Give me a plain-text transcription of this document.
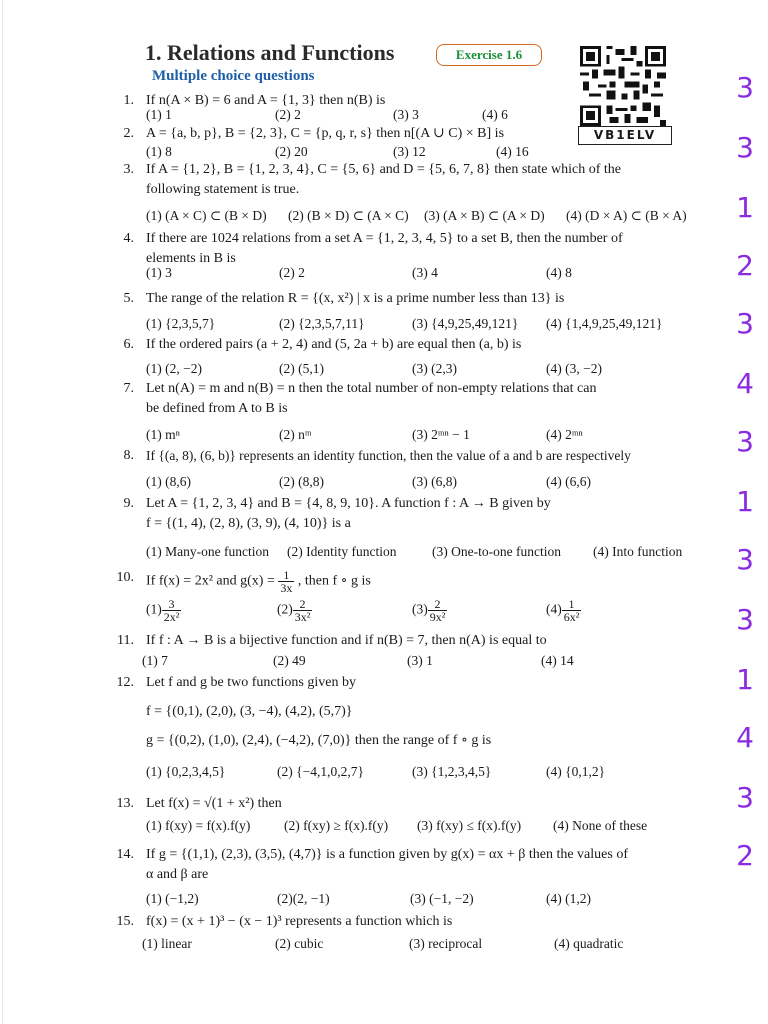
1. Relations and Functions	Exercise 1.6
VB1ELV
Multiple choice questions
1. If n(A × B) = 6 and A = {1, 3} then n(B) is
(1) 1	(2) 2	(3) 3	(4) 6
3
2. A = {a, b, p}, B = {2, 3}, C = {p, q, r, s} then n[(A ∪ C) × B] is
(1) 8	(2) 20	(3) 12	(4) 16	3
3. If A = {1, 2}, B = {1, 2, 3, 4}, C = {5, 6} and D = {5, 6, 7, 8} then state which of the
following statement is true.
(1) (A × C) ⊂ (B × D) (2) (B × D) ⊂ (A × C) (3) (A × B) ⊂ (A × D) (4) (D × A) ⊂ (B × A) 1
4. If there are 1024 relations from a set A = {1, 2, 3, 4, 5} to a set B, then the number of
elements in B is
(1) 3	(2) 2	(3) 4	(4) 8	2
5. The range of the relation R = {(x, x²) | x is a prime number less than 13} is
(1) {2,3,5,7}	(2) {2,3,5,7,11}	(3) {4,9,25,49,121} (4) {1,4,9,25,49,121}	3
6. If the ordered pairs (a + 2, 4) and (5, 2a + b) are equal then (a, b) is
(1) (2, −2)	(2) (5,1)	(3) (2,3)	(4) (3, −2)	4
7. Let n(A) = m and n(B) = n then the total number of non-empty relations that can
be defined from A to B is
(1) mⁿ	(2) nᵐ	(3) 2ᵐⁿ − 1	(4) 2ᵐⁿ	3
8. If {(a, 8), (6, b)} represents an identity function, then the value of a and b are respectively
(1) (8,6)	(2) (8,8)	(3) (6,8)	(4) (6,6)
1
9. Let A = {1, 2, 3, 4} and B = {4, 8, 9, 10}. A function f : A → B given by
f = {(1, 4), (2, 8), (3, 9), (4, 10)} is a
(1) Many-one function (2) Identity function	(3) One-to-one function (4) Into function 3
10. If f(x) = 2x² and $g(x) = \frac{1}{3x}$ , then f ∘ g is
$(1) \frac{3}{\text{2x²}}$	$(2) \frac{2}{\text{3x²}}$	$(3) \frac{2}{\text{9x²}}$	$(4) \frac{1}{\text{6x²}}$	3
11. If f : A → B is a bijective function and if n(B) = 7, then n(A) is equal to
(1) 7	(2) 49	(3) 1	(4) 14
1
12. Let f and g be two functions given by
f = {(0,1), (2,0), (3, −4), (4,2), (5,7)}
g = {(0,2), (1,0), (2,4), (−4,2), (7,0)} then the range of f ∘ g is
(1) {0,2,3,4,5}	(2) {−4,1,0,2,7}	(3) {1,2,3,4,5}	(4) {0,1,2}
4
13. Let f(x) = √(1 + x²) then
(1) f(xy) = f(x).f(y) (2) f(xy) ≥ f(x).f(y) (3) f(xy) ≤ f(x).f(y) (4) None of these
3
14. If g = {(1,1), (2,3), (3,5), (4,7)} is a function given by g(x) = αx + β then the values of
α and β are
(1) (−1,2)	(2)(2, −1)	(3) (−1, −2)	(4) (1,2)
2
15. f(x) = (x + 1)³ − (x − 1)³ represents a function which is
(1) linear	(2) cubic	(3) reciprocal	(4) quadratic
